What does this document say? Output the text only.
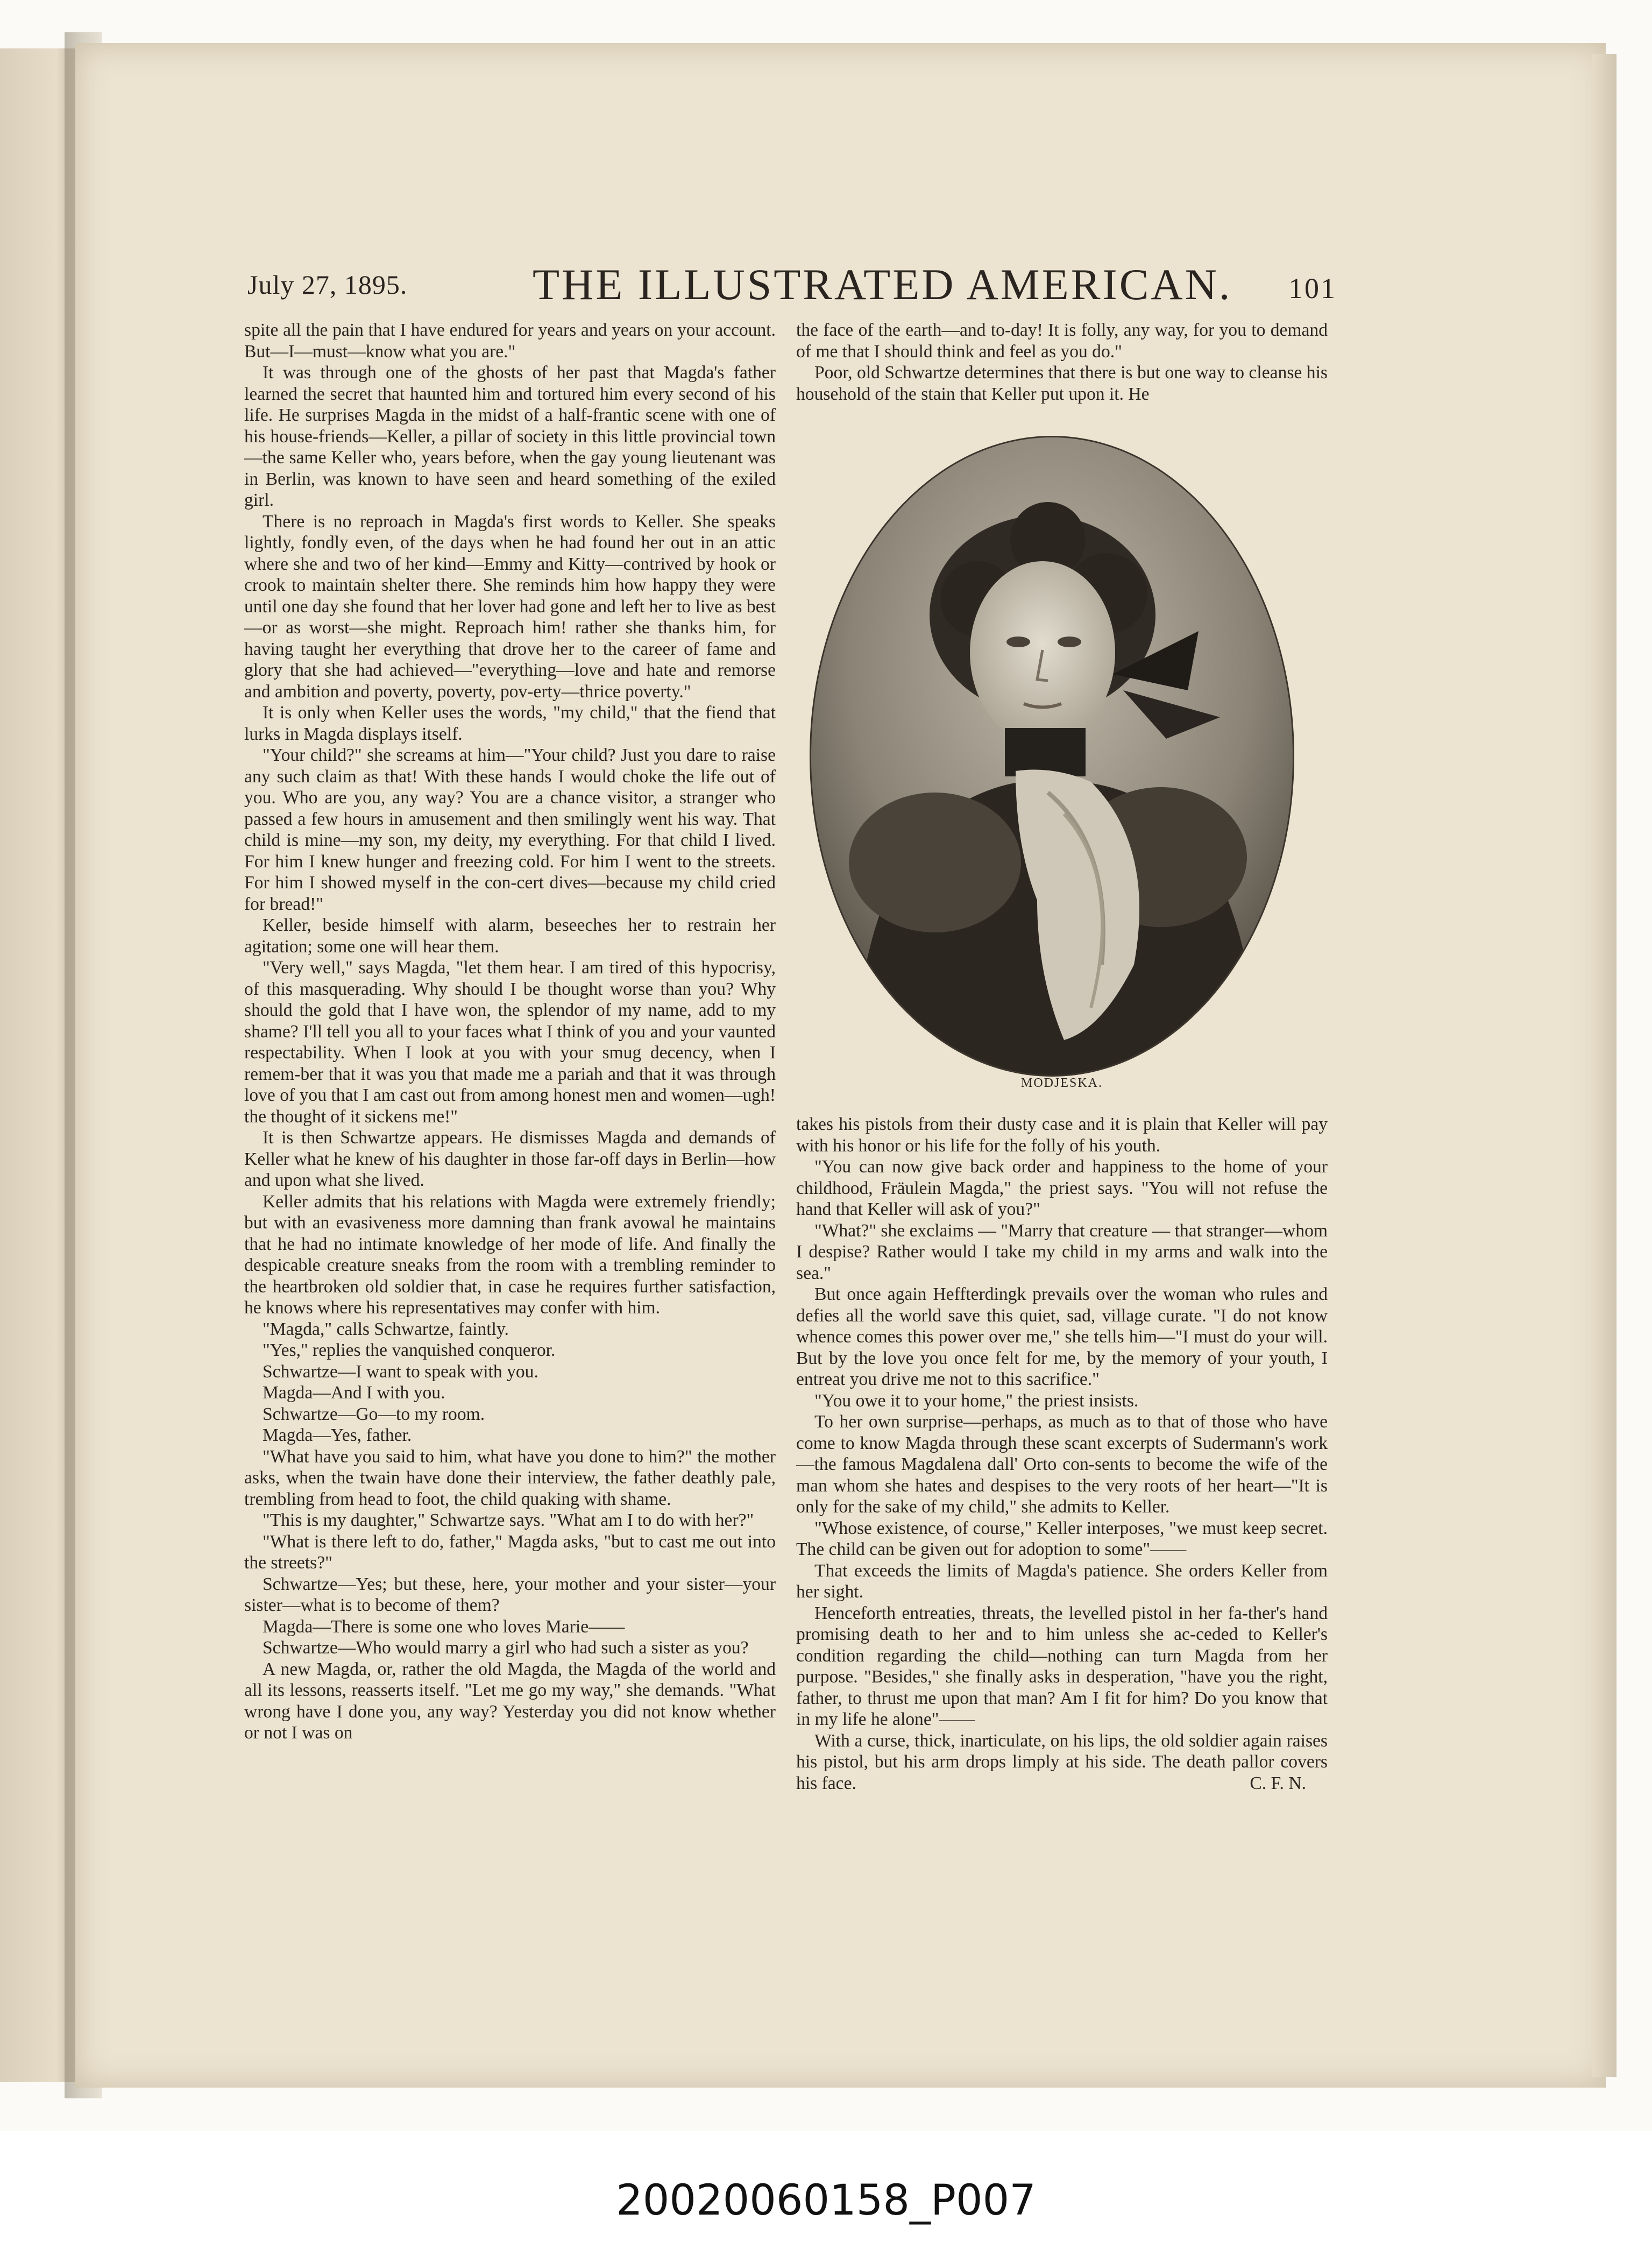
July 27, 1895.	THE ILLUSTRATED AMERICAN. 101

spite all the pain that I have endured for years and years on your account. But—I—must—know what you are."

It was through one of the ghosts of her past that Magda's father learned the secret that haunted him and tortured him every second of his life. He surprises Magda in the midst of a half-frantic scene with one of his house-friends—Keller, a pillar of society in this little provincial town—the same Keller who, years before, when the gay young lieutenant was in Berlin, was known to have seen and heard something of the exiled girl.

There is no reproach in Magda's first words to Keller. She speaks lightly, fondly even, of the days when he had found her out in an attic where she and two of her kind—Emmy and Kitty—contrived by hook or crook to maintain shelter there. She reminds him how happy they were until one day she found that her lover had gone and left her to live as best—or as worst—she might. Reproach him! rather she thanks him, for having taught her everything that drove her to the career of fame and glory that she had achieved—"everything—love and hate and remorse and ambition and poverty, poverty, pov-erty—thrice poverty."

It is only when Keller uses the words, "my child," that the fiend that lurks in Magda displays itself.

"Your child?" she screams at him—"Your child? Just you dare to raise any such claim as that! With these hands I would choke the life out of you. Who are you, any way? You are a chance visitor, a stranger who passed a few hours in amusement and then smilingly went his way. That child is mine—my son, my deity, my everything. For that child I lived. For him I knew hunger and freezing cold. For him I went to the streets. For him I showed myself in the con-cert dives—because my child cried for bread!"

Keller, beside himself with alarm, beseeches her to restrain her agitation; some one will hear them.

"Very well," says Magda, "let them hear. I am tired of this hypocrisy, of this masquerading. Why should I be thought worse than you? Why should the gold that I have won, the splendor of my name, add to my shame? I'll tell you all to your faces what I think of you and your vaunted respectability. When I look at you with your smug decency, when I remem-ber that it was you that made me a pariah and that it was through love of you that I am cast out from among honest men and women—ugh! the thought of it sickens me!"

It is then Schwartze appears. He dismisses Magda and demands of Keller what he knew of his daughter in those far-off days in Berlin—how and upon what she lived.

Keller admits that his relations with Magda were extremely friendly; but with an evasiveness more damning than frank avowal he maintains that he had no intimate knowledge of her mode of life. And finally the despicable creature sneaks from the room with a trembling reminder to the heartbroken old soldier that, in case he requires further satisfaction, he knows where his representatives may confer with him.

"Magda," calls Schwartze, faintly.

"Yes," replies the vanquished conqueror.

Schwartze—I want to speak with you.

Magda—And I with you.

Schwartze—Go—to my room.

Magda—Yes, father.

"What have you said to him, what have you done to him?" the mother asks, when the twain have done their interview, the father deathly pale, trembling from head to foot, the child quaking with shame.

"This is my daughter," Schwartze says. "What am I to do with her?"

"What is there left to do, father," Magda asks, "but to cast me out into the streets?"

Schwartze—Yes; but these, here, your mother and your sister—your sister—what is to become of them?

Magda—There is some one who loves Marie——

Schwartze—Who would marry a girl who had such a sister as you?

A new Magda, or, rather the old Magda, the Magda of the world and all its lessons, reasserts itself. "Let me go my way," she demands. "What wrong have I done you, any way? Yesterday you did not know whether or not I was on

the face of the earth—and to-day! It is folly, any way, for you to demand of me that I should think and feel as you do."

Poor, old Schwartze determines that there is but one way to cleanse his household of the stain that Keller put upon it. He

MODJESKA.

takes his pistols from their dusty case and it is plain that Keller will pay with his honor or his life for the folly of his youth.

"You can now give back order and happiness to the home of your childhood, Fräulein Magda," the priest says. "You will not refuse the hand that Keller will ask of you?"

"What?" she exclaims — "Marry that creature — that stranger—whom I despise? Rather would I take my child in my arms and walk into the sea."

But once again Heffterdingk prevails over the woman who rules and defies all the world save this quiet, sad, village curate. "I do not know whence comes this power over me," she tells him—"I must do your will. But by the love you once felt for me, by the memory of your youth, I entreat you drive me not to this sacrifice."

"You owe it to your home," the priest insists.

To her own surprise—perhaps, as much as to that of those who have come to know Magda through these scant excerpts of Sudermann's work—the famous Magdalena dall' Orto con-sents to become the wife of the man whom she hates and despises to the very roots of her heart—"It is only for the sake of my child," she admits to Keller.

"Whose existence, of course," Keller interposes, "we must keep secret. The child can be given out for adoption to some"——

That exceeds the limits of Magda's patience. She orders Keller from her sight.

Henceforth entreaties, threats, the levelled pistol in her fa-ther's hand promising death to her and to him unless she ac-ceded to Keller's condition regarding the child—nothing can turn Magda from her purpose. "Besides," she finally asks in desperation, "have you the right, father, to thrust me upon that man? Am I fit for him? Do you know that in my life he alone"——

With a curse, thick, inarticulate, on his lips, the old soldier again raises his pistol, but his arm drops limply at his side. The death pallor covers his face.	C. F. N.

20020060158_P007
